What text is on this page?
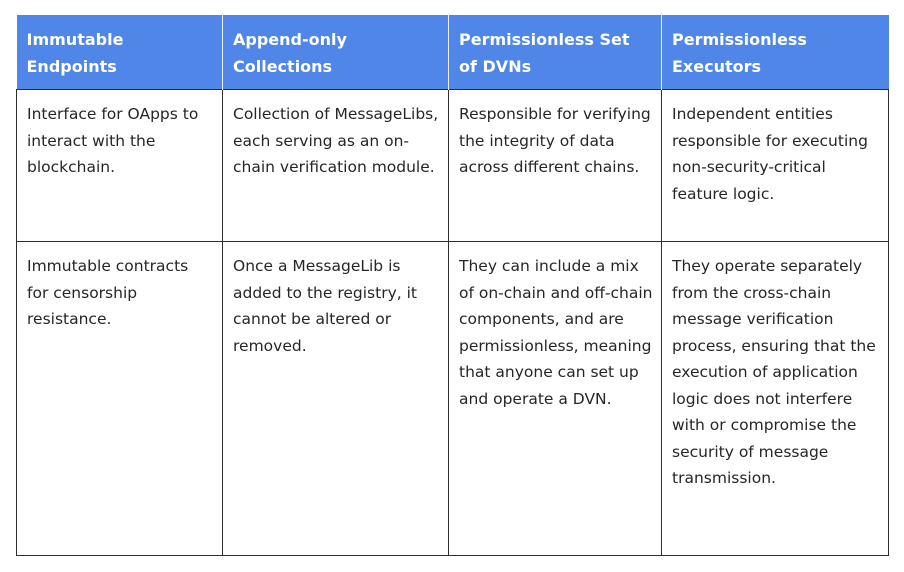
Immutable Endpoints	Append-only Collections	Permissionless Set of DVNs	Permissionless Executors
Interface for OApps to interact with the blockchain.	Collection of MessageLibs, each serving as an on-chain verification module.	Responsible for verifying the integrity of data across different chains.	Independent entities responsible for executing non-security-critical feature logic.
Immutable contracts for censorship resistance.	Once a MessageLib is added to the registry, it cannot be altered or removed.	They can include a mix of on-chain and off-chain components, and are permissionless, meaning that anyone can set up and operate a DVN.	They operate separately from the cross-chain message verification process, ensuring that the execution of application logic does not interfere with or compromise the security of message transmission.
